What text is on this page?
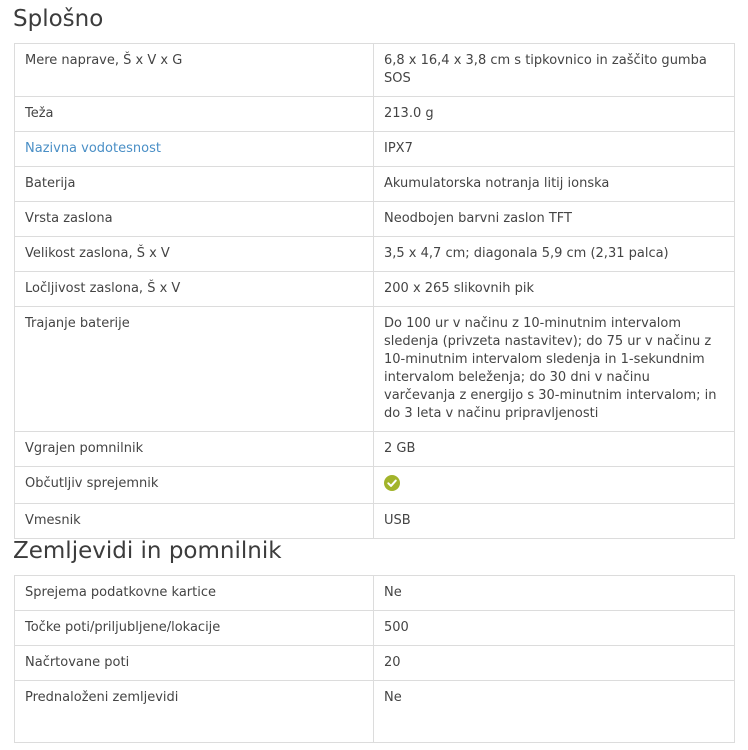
Splošno
Mere naprave, Š x V x G	6,8 x 16,4 x 3,8 cm s tipkovnico in zaščito gumba SOS
Teža	213.0 g
Nazivna vodotesnost	IPX7
Baterija	Akumulatorska notranja litij ionska
Vrsta zaslona	Neodbojen barvni zaslon TFT
Velikost zaslona, Š x V	3,5 x 4,7 cm; diagonala 5,9 cm (2,31 palca)
Ločljivost zaslona, Š x V	200 x 265 slikovnih pik
Trajanje baterije	Do 100 ur v načinu z 10-minutnim intervalom sledenja (privzeta nastavitev); do 75 ur v načinu z 10-minutnim intervalom sledenja in 1-sekundnim intervalom beleženja; do 30 dni v načinu varčevanja z energijo s 30-minutnim intervalom; in do 3 leta v načinu pripravljenosti
Vgrajen pomnilnik	2 GB
Občutljiv sprejemnik	
Vmesnik	USB
Zemljevidi in pomnilnik
Sprejema podatkovne kartice	Ne
Točke poti/priljubljene/lokacije	500
Načrtovane poti	20
Prednaloženi zemljevidi	Ne
